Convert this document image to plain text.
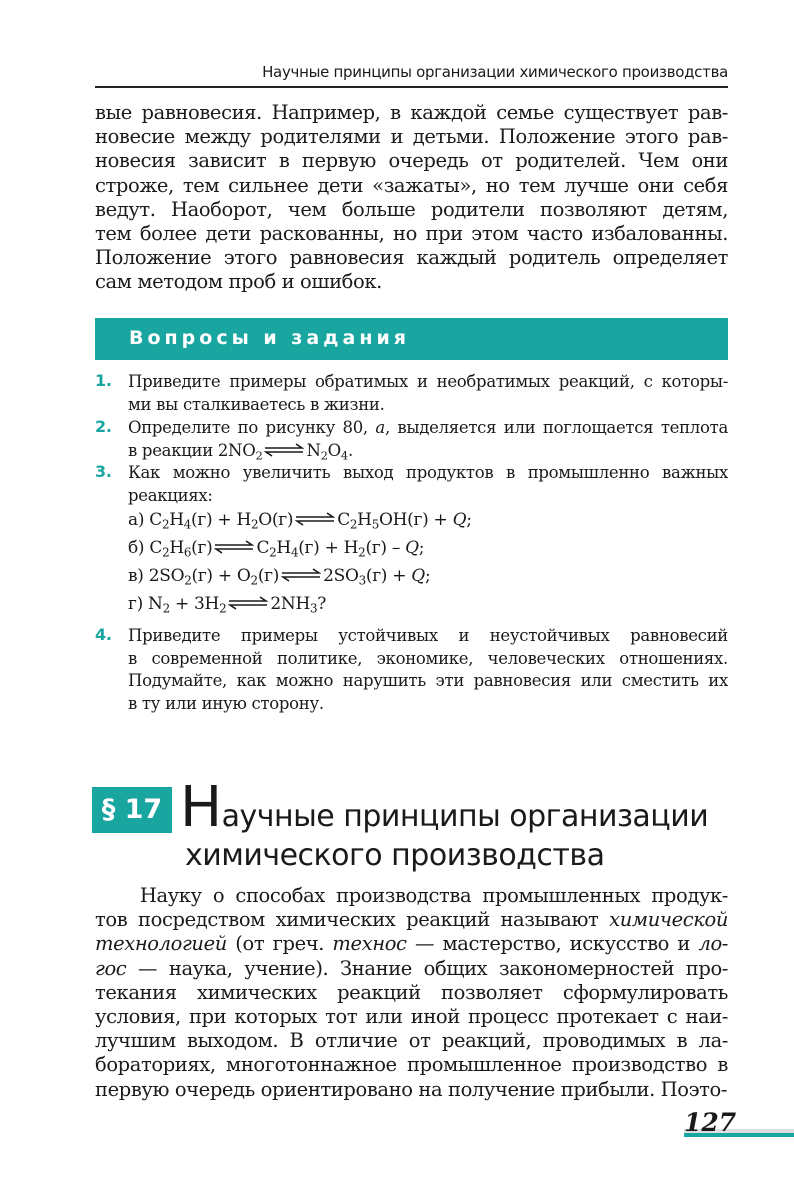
Научные принципы организации химического производства
вые равновесия. Например, в каждой семье существует рав-
новесие между родителями и детьми. Положение этого рав-
новесия зависит в первую очередь от родителей. Чем они
строже, тем сильнее дети «зажаты», но тем лучше они себя
ведут. Наоборот, чем больше родители позволяют детям,
тем более дети раскованны, но при этом часто избалованны.
Положение этого равновесия каждый родитель определяет
сам методом проб и ошибок.
Вопросы и задания
1. Приведите примеры обратимых и необратимых реакций, с которы-
ми вы сталкиваетесь в жизни.
2. Определите по рисунку 80, а, выделяется или поглощается теплота
в реакции $2NO_2$ ⇌ $N_2O_4$.
3. Как можно увеличить выход продуктов в промышленно важных
реакциях:
а) $C_2H_4(г) + H_2O(г)$ ⇌ $C_2H_5OH(г) + Q$;
б) $C_2H_6(г)$ ⇌ $C_2H_4(г) + H_2(г) - Q$;
в) $2SO_2(г) + O_2(г)$ ⇌ $2SO_3(г) + Q$;
г) $N_2 + 3H_2$ ⇌ $2NH_3$?
4. Приведите примеры устойчивых и неустойчивых равновесий
в современной политике, экономике, человеческих отношениях.
Подумайте, как можно нарушить эти равновесия или сместить их
в ту или иную сторону.
§ 17 Научные принципы организации
химического производства
Науку о способах производства промышленных продук-
тов посредством химических реакций называют химической
технологией (от греч. технос — мастерство, искусство и ло-
гос — наука, учение). Знание общих закономерностей про-
текания химических реакций позволяет сформулировать
условия, при которых тот или иной процесс протекает с наи-
лучшим выходом. В отличие от реакций, проводимых в ла-
бораториях, многотоннажное промышленное производство в
первую очередь ориентировано на получение прибыли. Поэто-
127
